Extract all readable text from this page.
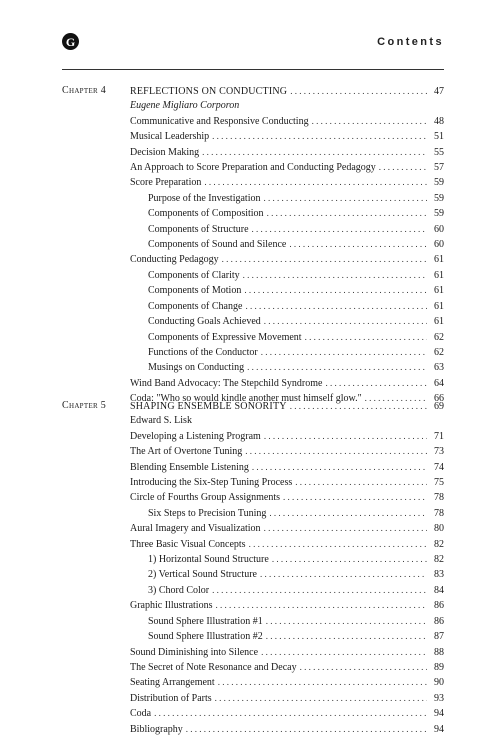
G	Contents
Chapter 4	REFLECTIONS ON CONDUCTING . . .	47
Eugene Migliaro Corporon
Communicative and Responsive Conducting . . .	48
Musical Leadership . . .	51
Decision Making . . .	55
An Approach to Score Preparation and Conducting Pedagogy . . .	57
Score Preparation . . .	59
Purpose of the Investigation . . .	59
Components of Composition . . .	59
Components of Structure . . .	60
Components of Sound and Silence . . .	60
Conducting Pedagogy . . .	61
Components of Clarity . . .	61
Components of Motion . . .	61
Components of Change . . .	61
Conducting Goals Achieved . . .	61
Components of Expressive Movement . . .	62
Functions of the Conductor . . .	62
Musings on Conducting . . .	63
Wind Band Advocacy: The Stepchild Syndrome . . .	64
Coda: "Who so would kindle another must himself glow." . . .	66
Chapter 5	SHAPING ENSEMBLE SONORITY . . .	69
Edward S. Lisk
Developing a Listening Program . . .	71
The Art of Overtone Tuning . . .	73
Blending Ensemble Listening . . .	74
Introducing the Six-Step Tuning Process . . .	75
Circle of Fourths Group Assignments . . .	78
Six Steps to Precision Tuning . . .	78
Aural Imagery and Visualization . . .	80
Three Basic Visual Concepts . . .	82
1) Horizontal Sound Structure . . .	82
2) Vertical Sound Structure . . .	83
3) Chord Color . . .	84
Graphic Illustrations . . .	86
Sound Sphere Illustration #1 . . .	86
Sound Sphere Illustration #2 . . .	87
Sound Diminishing into Silence . . .	88
The Secret of Note Resonance and Decay . . .	89
Seating Arrangement . . .	90
Distribution of Parts . . .	93
Coda . . .	94
Bibliography . . .	94
